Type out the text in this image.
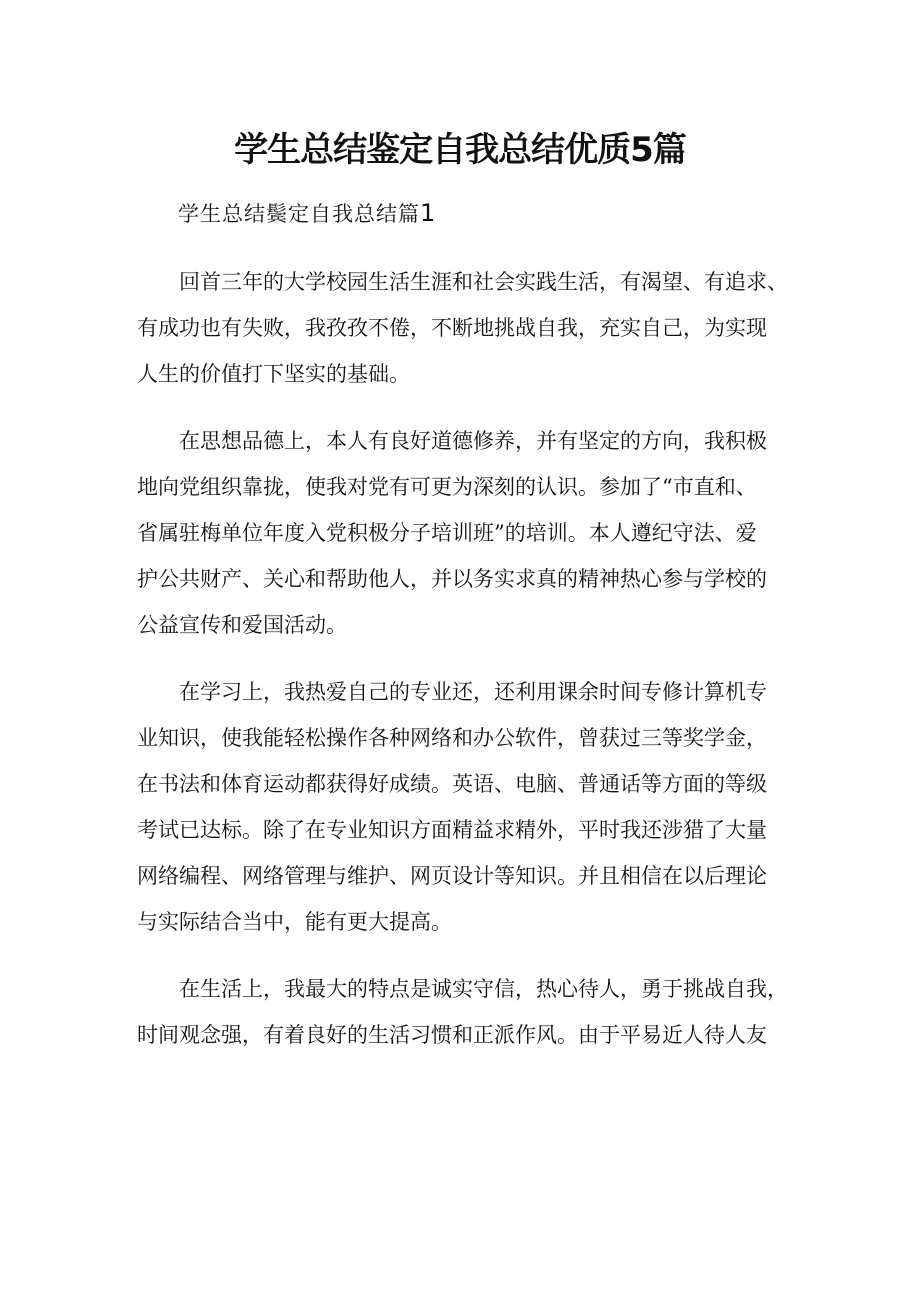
学生总结鉴定自我总结优质5篇
学生总结鬓定自我总结篇1
回首三年的大学校园生活生涯和社会实践生活，有渴望、有追求、
有成功也有失败，我孜孜不倦，不断地挑战自我，充实自己，为实现
人生的价值打下坚实的基础。
在思想品德上，本人有良好道德修养，并有坚定的方向，我积极
地向党组织靠拢，使我对党有可更为深刻的认识。参加了“市直和、
省属驻梅单位年度入党积极分子培训班”的培训。本人遵纪守法、爱
护公共财产、关心和帮助他人，并以务实求真的精神热心参与学校的
公益宣传和爱国活动。
在学习上，我热爱自己的专业还，还利用课余时间专修计算机专
业知识，使我能轻松操作各种网络和办公软件，曾获过三等奖学金，
在书法和体育运动都获得好成绩。英语、电脑、普通话等方面的等级
考试已达标。除了在专业知识方面精益求精外，平时我还涉猎了大量
网络编程、网络管理与维护、网页设计等知识。并且相信在以后理论
与实际结合当中，能有更大提高。
在生活上，我最大的特点是诚实守信，热心待人，勇于挑战自我，
时间观念强，有着良好的生活习惯和正派作风。由于平易近人待人友
